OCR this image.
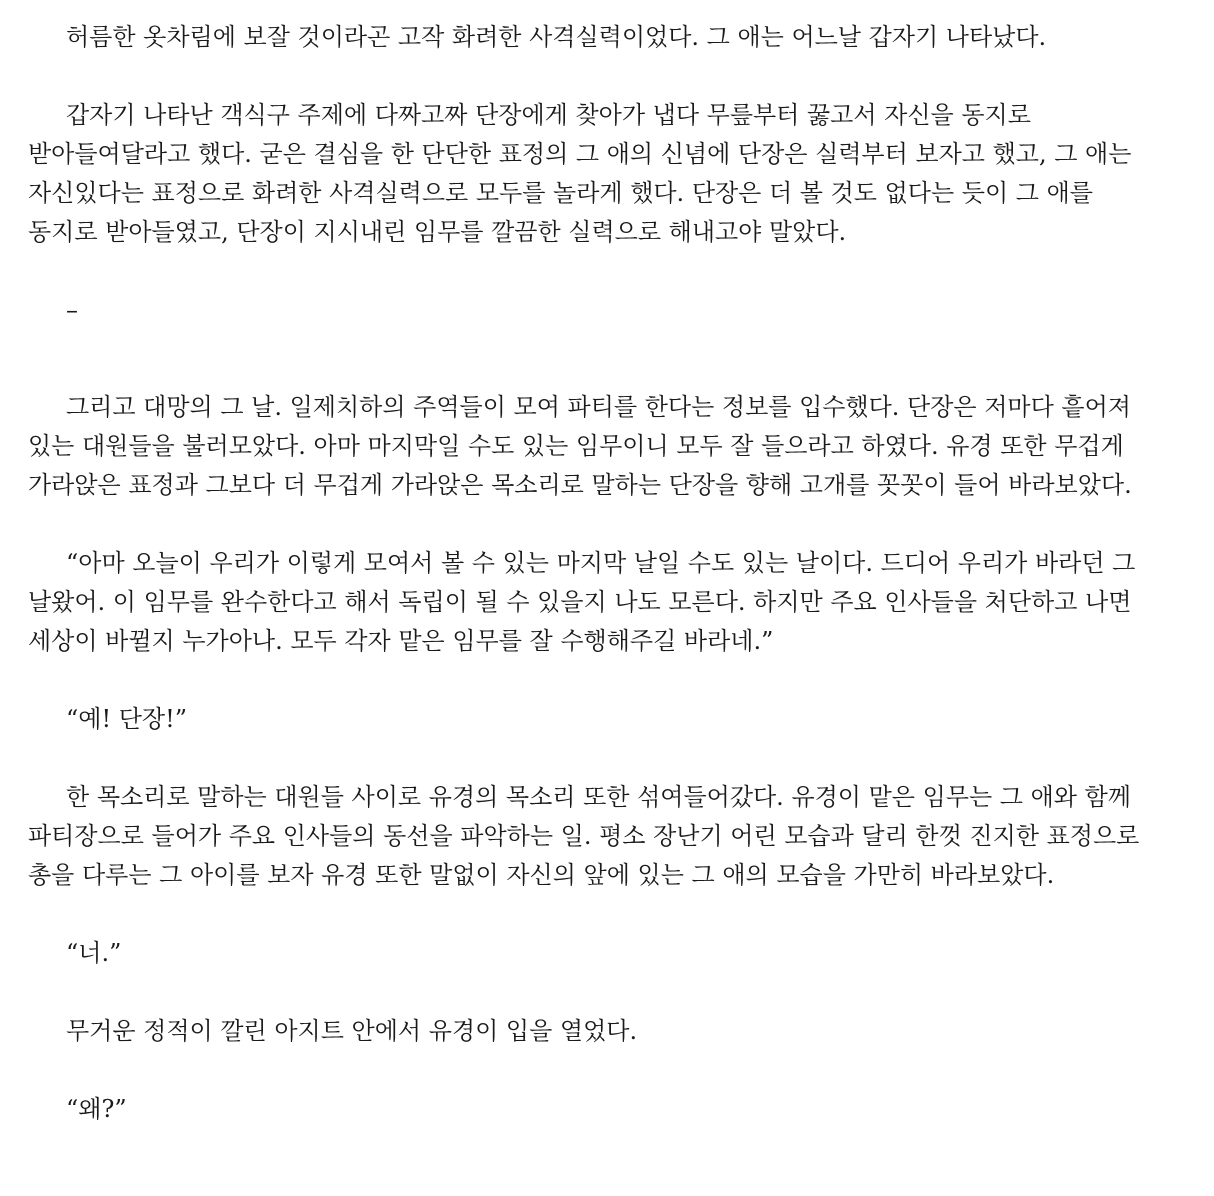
허름한 옷차림에 보잘 것이라곤 고작 화려한 사격실력이었다. 그 애는 어느날 갑자기 나타났다.

갑자기 나타난 객식구 주제에 다짜고짜 단장에게 찾아가 냅다 무릎부터 꿇고서 자신을 동지로 받아들여달라고 했다. 굳은 결심을 한 단단한 표정의 그 애의 신념에 단장은 실력부터 보자고 했고, 그 애는 자신있다는 표정으로 화려한 사격실력으로 모두를 놀라게 했다. 단장은 더 볼 것도 없다는 듯이 그 애를 동지로 받아들였고, 단장이 지시내린 임무를 깔끔한 실력으로 해내고야 말았다.

–

그리고 대망의 그 날. 일제치하의 주역들이 모여 파티를 한다는 정보를 입수했다. 단장은 저마다 흩어져 있는 대원들을 불러모았다. 아마 마지막일 수도 있는 임무이니 모두 잘 들으라고 하였다. 유경 또한 무겁게 가라앉은 표정과 그보다 더 무겁게 가라앉은 목소리로 말하는 단장을 향해 고개를 꼿꼿이 들어 바라보았다.

“아마 오늘이 우리가 이렇게 모여서 볼 수 있는 마지막 날일 수도 있는 날이다. 드디어 우리가 바라던 그 날왔어. 이 임무를 완수한다고 해서 독립이 될 수 있을지 나도 모른다. 하지만 주요 인사들을 처단하고 나면 세상이 바뀔지 누가아나. 모두 각자 맡은 임무를 잘 수행해주길 바라네.”

“예! 단장!”

한 목소리로 말하는 대원들 사이로 유경의 목소리 또한 섞여들어갔다. 유경이 맡은 임무는 그 애와 함께 파티장으로 들어가 주요 인사들의 동선을 파악하는 일. 평소 장난기 어린 모습과 달리 한껏 진지한 표정으로 총을 다루는 그 아이를 보자 유경 또한 말없이 자신의 앞에 있는 그 애의 모습을 가만히 바라보았다.

“너.”

무거운 정적이 깔린 아지트 안에서 유경이 입을 열었다.

“왜?”
